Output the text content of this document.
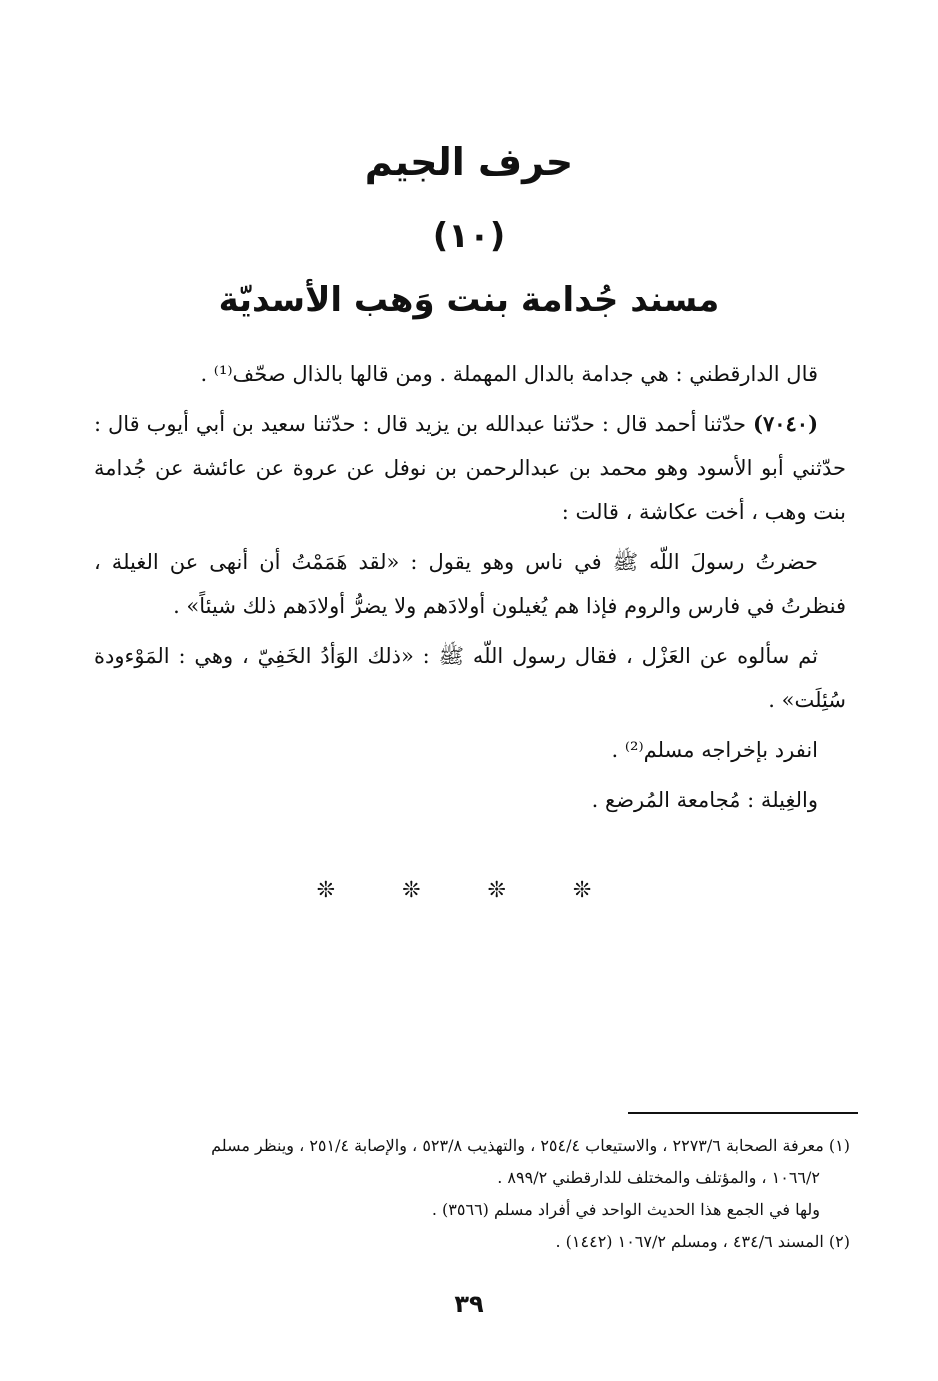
حرف الجيم
(١٠)
مسند جُدامة بنت وَهب الأسديّة

قال الدارقطني : هي جدامة بالدال المهملة . ومن قالها بالذال صحّف⁽¹⁾ .

(٧٠٤٠) حدّثنا أحمد قال : حدّثنا عبدالله بن يزيد قال : حدّثنا سعيد بن أبي أيوب قال : حدّثني أبو الأسود وهو محمد بن عبدالرحمن بن نوفل عن عروة عن عائشة عن جُدامة بنت وهب ، أخت عكاشة ، قالت :

حضرتُ رسولَ اللّه ﷺ في ناس وهو يقول : «لقد هَمَمْتُ أن أنهى عن الغيلة ، فنظرتُ في فارس والروم فإذا هم يُغيلون أولادَهم ولا يضرُّ أولادَهم ذلك شيئاً» .

ثم سألوه عن العَزْل ، فقال رسول اللّه ﷺ : «ذلك الوَأدُ الخَفِيّ ، وهي : المَوْءودة سُئِلَت» .

انفرد بإخراجه مسلم⁽²⁾ .

والغِيلة : مُجامعة المُرضع .

❊ ❊ ❊ ❊

(١) معرفة الصحابة ٢٢٧٣/٦ ، والاستيعاب ٢٥٤/٤ ، والتهذيب ٥٢٣/٨ ، والإصابة ٢٥١/٤ ، وينظر مسلم

١٠٦٦/٢ ، والمؤتلف والمختلف للدارقطني ٨٩٩/٢ .

ولها في الجمع هذا الحديث الواحد في أفراد مسلم (٣٥٦٦) .

(٢) المسند ٤٣٤/٦ ، ومسلم ١٠٦٧/٢ (١٤٤٢) .

٣٩
